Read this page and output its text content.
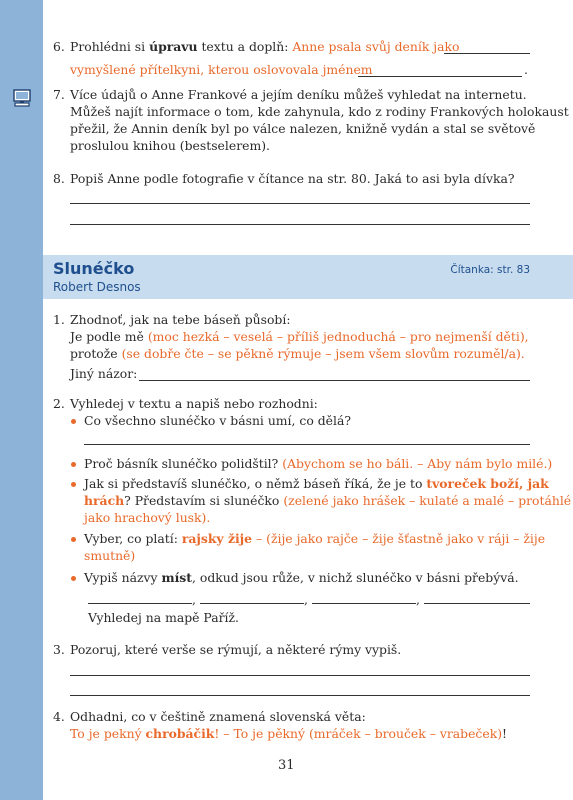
6. Prohlédni si úpravu textu a doplň: Anne psala svůj deník jako
vymyšlené přítelkyni, kterou oslovovala jménem	.
7. Více údajů o Anne Frankové a jejím deníku můžeš vyhledat na internetu.
Můžeš najít informace o tom, kde zahynula, kdo z rodiny Frankových holokaust
přežil, že Annin deník byl po válce nalezen, knižně vydán a stal se světově
proslulou knihou (bestselerem).
8. Popiš Anne podle fotografie v čítance na str. 80. Jaká to asi byla dívka?
Slunéčko
Robert Desnos
Čítanka: str. 83
1. Zhodnoť, jak na tebe báseň působí:
Je podle mě (moc hezká – veselá – příliš jednoduchá – pro nejmenší děti),
protože (se dobře čte – se pěkně rýmuje – jsem všem slovům rozuměl/a).
Jiný názor:
2. Vyhledej v textu a napiš nebo rozhodni:
Co všechno slunéčko v básni umí, co dělá?
Proč básník slunéčko polidštil? (Abychom se ho báli. – Aby nám bylo milé.)
Jak si představíš slunéčko, o němž báseň říká, že je to tvoreček boží, jak
hrách? Představím si slunéčko (zelené jako hrášek – kulaté a malé – protáhlé
jako hrachový lusk).
Vyber, co platí: rajsky žije – (žije jako rajče – žije šťastně jako v ráji – žije
smutně)
Vypiš názvy míst, odkud jsou růže, v nichž slunéčko v básni přebývá.
,	,	,
Vyhledej na mapě Paříž.
3. Pozoruj, které verše se rýmují, a některé rýmy vypiš.
4. Odhadni, co v češtině znamená slovenská věta:
To je pekný chrobáčik! – To je pěkný (mráček – brouček – vrabeček)!
31
